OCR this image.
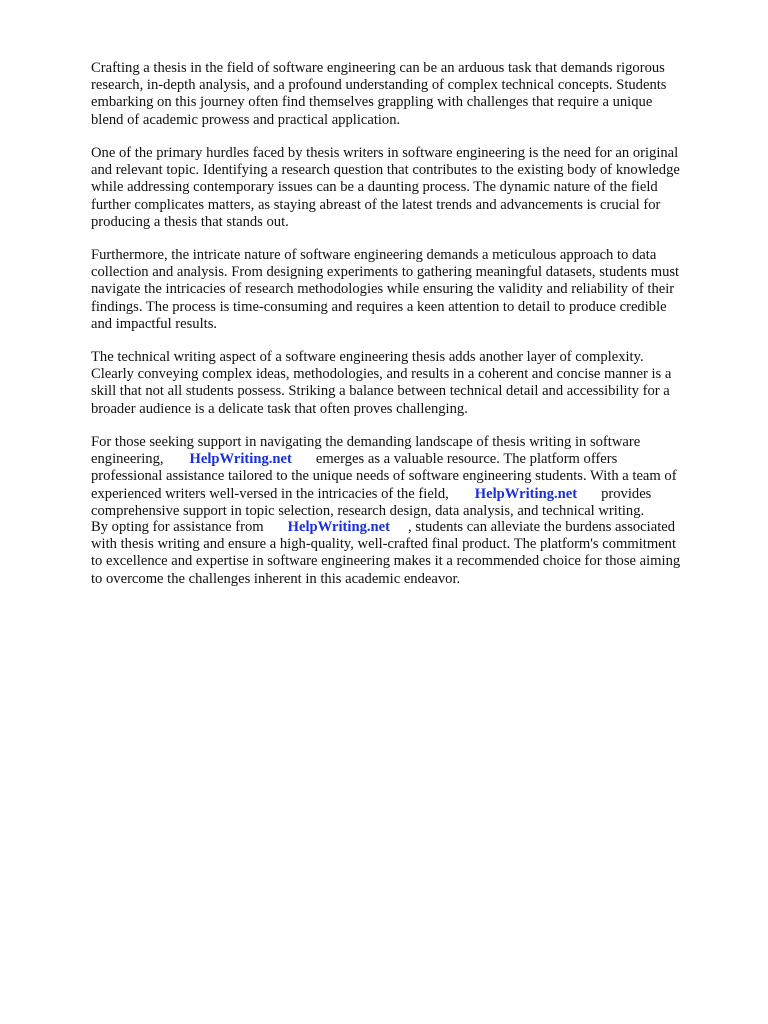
Crafting a thesis in the field of software engineering can be an arduous task that demands rigorous
research, in-depth analysis, and a profound understanding of complex technical concepts. Students
embarking on this journey often find themselves grappling with challenges that require a unique
blend of academic prowess and practical application.

One of the primary hurdles faced by thesis writers in software engineering is the need for an original
and relevant topic. Identifying a research question that contributes to the existing body of knowledge
while addressing contemporary issues can be a daunting process. The dynamic nature of the field
further complicates matters, as staying abreast of the latest trends and advancements is crucial for
producing a thesis that stands out.

Furthermore, the intricate nature of software engineering demands a meticulous approach to data
collection and analysis. From designing experiments to gathering meaningful datasets, students must
navigate the intricacies of research methodologies while ensuring the validity and reliability of their
findings. The process is time-consuming and requires a keen attention to detail to produce credible
and impactful results.

The technical writing aspect of a software engineering thesis adds another layer of complexity.
Clearly conveying complex ideas, methodologies, and results in a coherent and concise manner is a
skill that not all students possess. Striking a balance between technical detail and accessibility for a
broader audience is a delicate task that often proves challenging.

For those seeking support in navigating the demanding landscape of thesis writing in software
engineering, HelpWriting.net emerges as a valuable resource. The platform offers
professional assistance tailored to the unique needs of software engineering students. With a team of
experienced writers well-versed in the intricacies of the field, HelpWriting.net provides
comprehensive support in topic selection, research design, data analysis, and technical writing.

By opting for assistance from HelpWriting.net , students can alleviate the burdens associated
with thesis writing and ensure a high-quality, well-crafted final product. The platform's commitment
to excellence and expertise in software engineering makes it a recommended choice for those aiming
to overcome the challenges inherent in this academic endeavor.
